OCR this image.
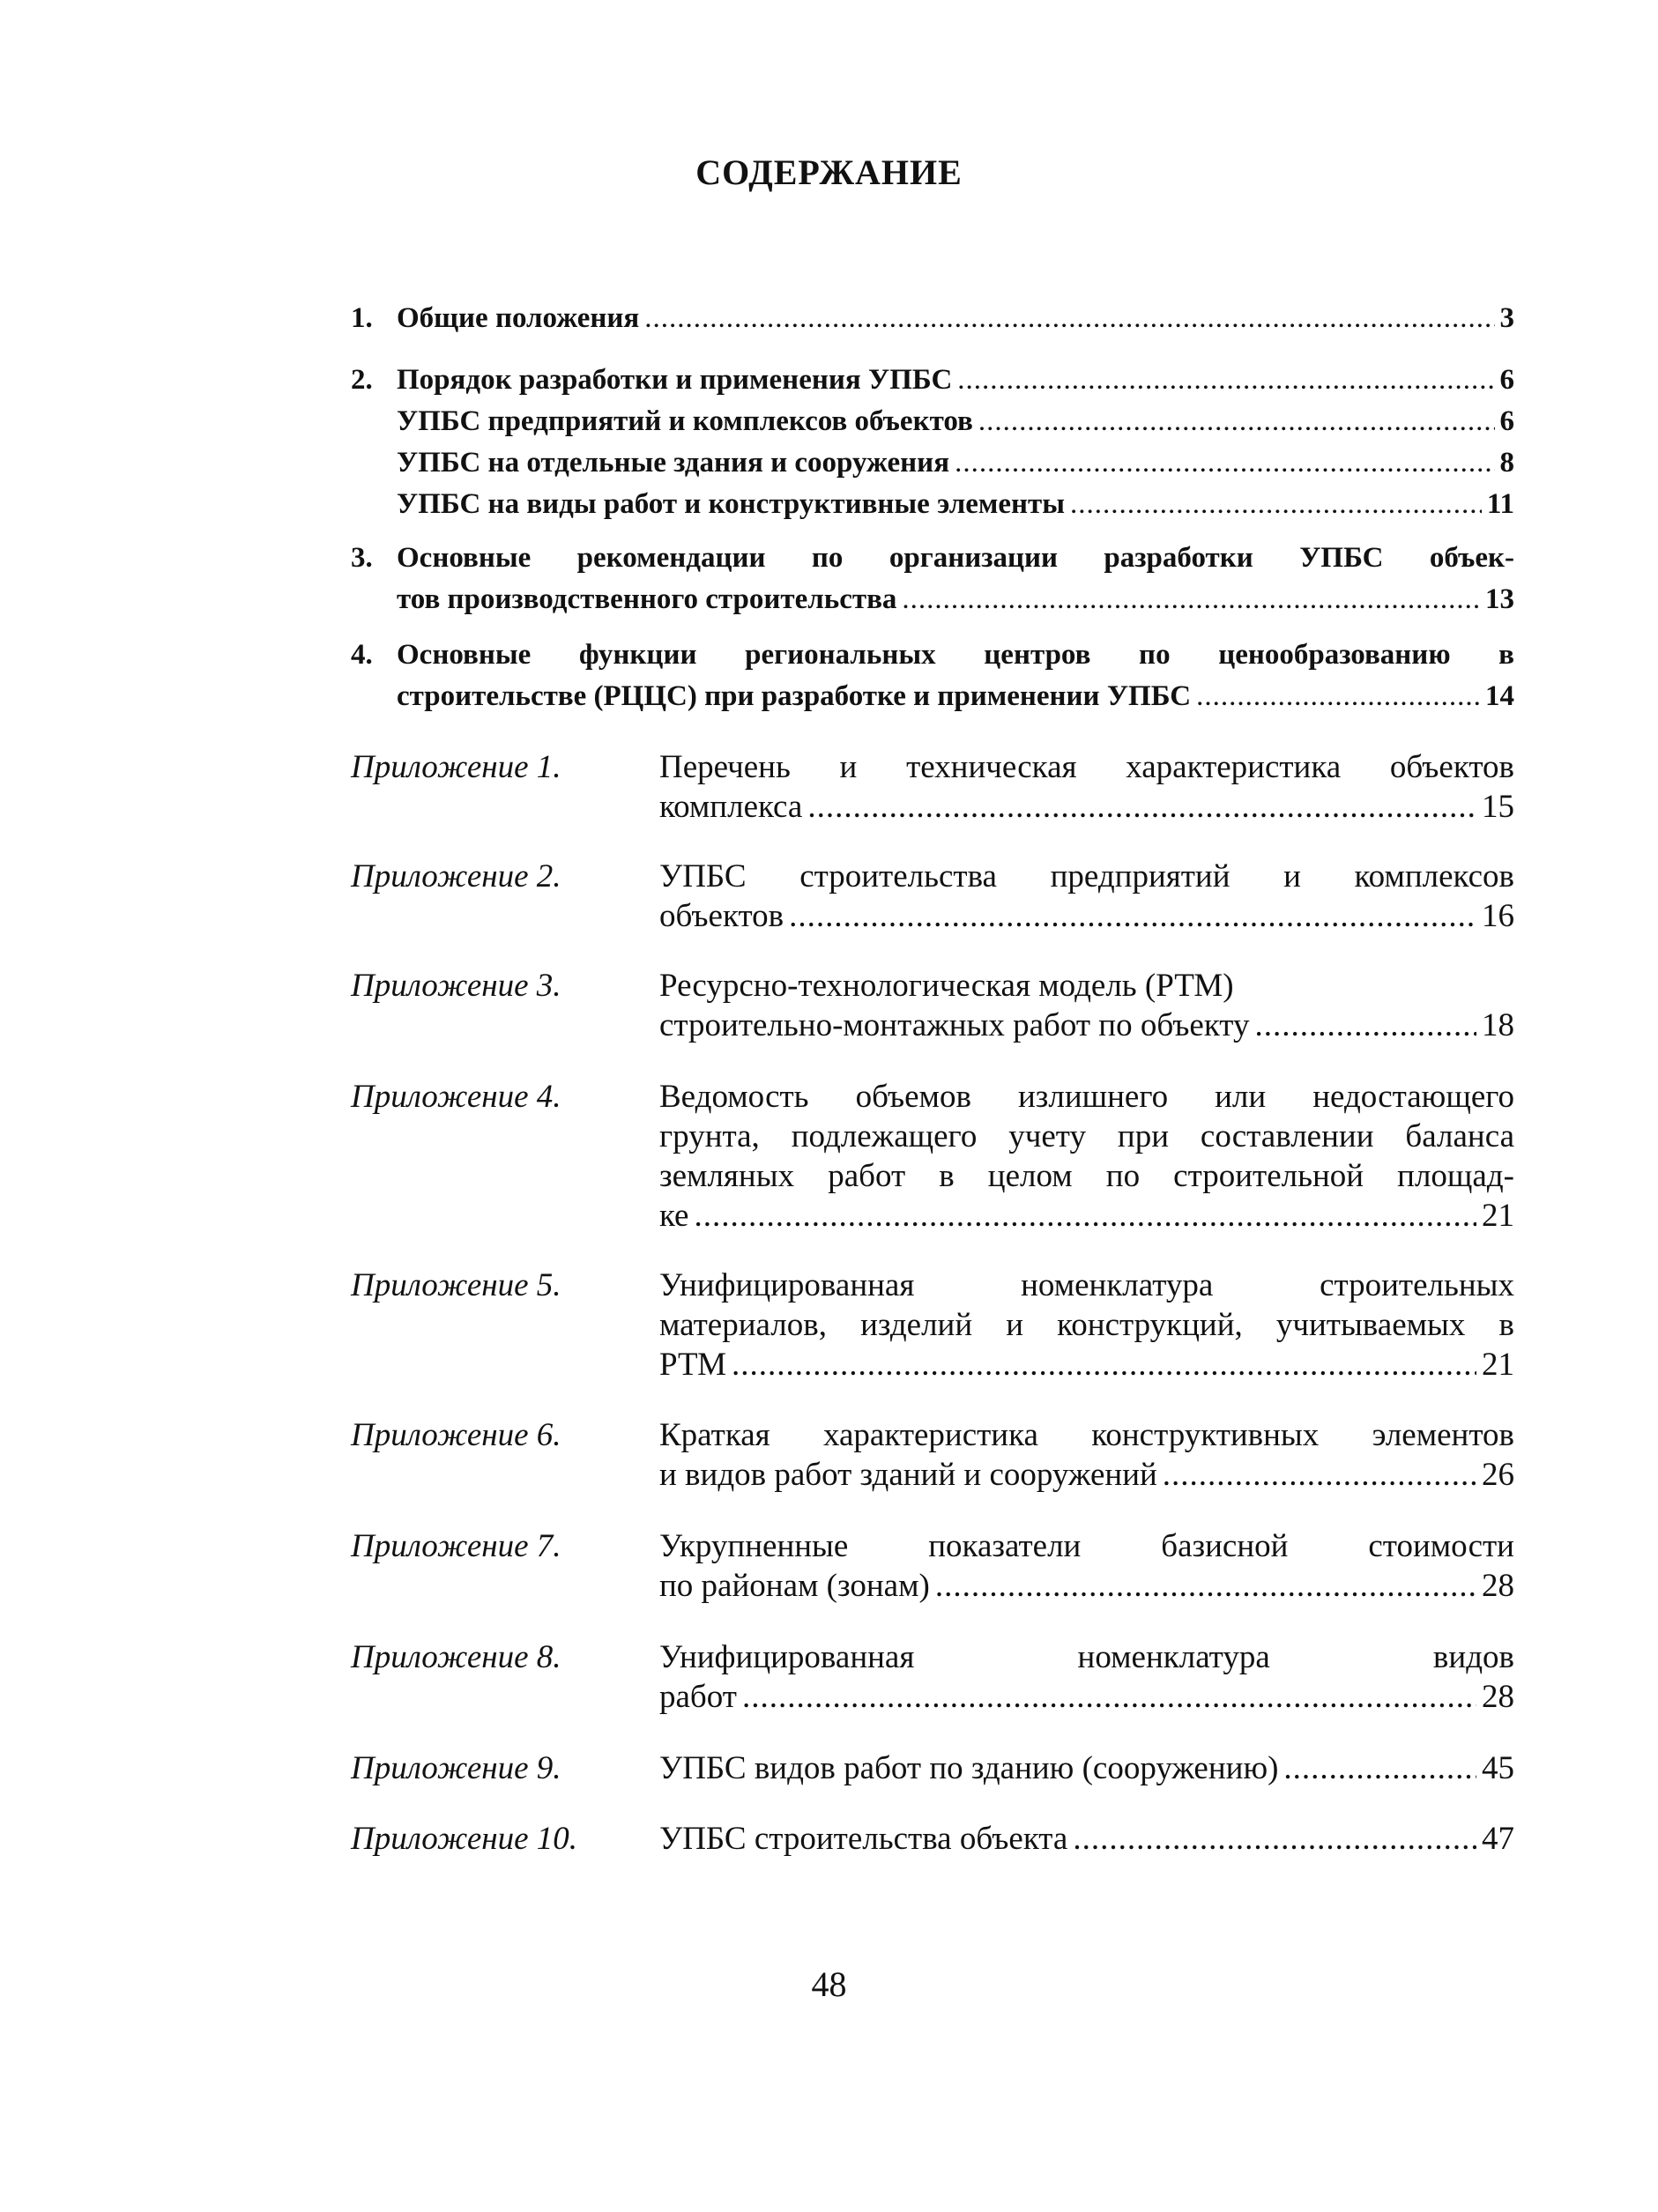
СОДЕРЖАНИЕ
1. Общие положения .....	3
2. Порядок разработки и применения УПБС .....	6
УПБС предприятий и комплексов объектов .....	6
УПБС на отдельные здания и сооружения .....	8
УПБС на виды работ и конструктивные элементы .....	11
3. Основные рекомендации по организации разработки УПБС объек-
тов производственного строительства .....	13
4. Основные функции региональных центров по ценообразованию в
строительстве (РЦЦС) при разработке и применении УПБС .....	14
Приложение 1.	Перечень и техническая характеристика объектов
комплекса .....	15
Приложение 2.	УПБС строительства предприятий и комплексов
объектов .....	16
Приложение 3.	Ресурсно-технологическая модель (РТМ)
строительно-монтажных работ по объекту .....	18
Приложение 4.	Ведомость объемов излишнего или недостающего
грунта, подлежащего учету при составлении баланса
земляных работ в целом по строительной площад-
ке .....	21
Приложение 5.	Унифицированная номенклатура строительных
материалов, изделий и конструкций, учитываемых в
РТМ .....	21
Приложение 6.	Краткая характеристика конструктивных элементов
и видов работ зданий и сооружений .....	26
Приложение 7.	Укрупненные показатели базисной стоимости
по районам (зонам) .....	28
Приложение 8.	Унифицированная номенклатура видов
работ .....	28
Приложение 9.	УПБС видов работ по зданию (сооружению) .....	45
Приложение 10.	УПБС строительства объекта .....	47
48
